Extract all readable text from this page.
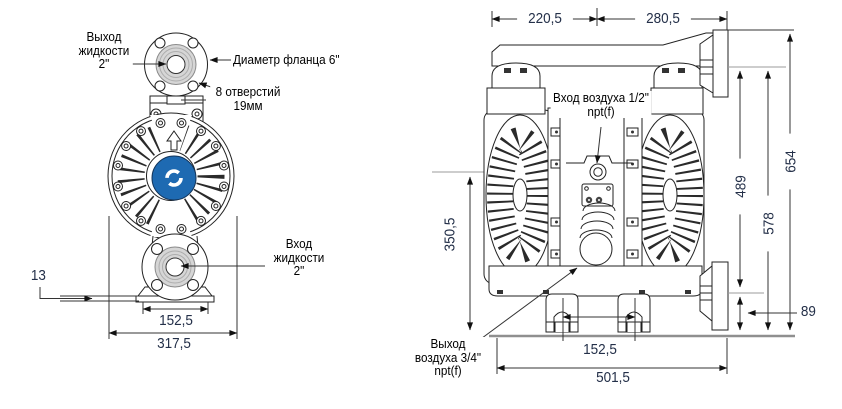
Выход жидкости 2"	Диаметр фланца 6"
8 отверстий 19мм
Вход жидкости 2"
13
152,5
317,5
220,5	280,5
654
578
489
89
350,5
152,5
501,5
Вход воздуха 1/2" npt(f)
Выход воздуха 3/4" npt(f)
